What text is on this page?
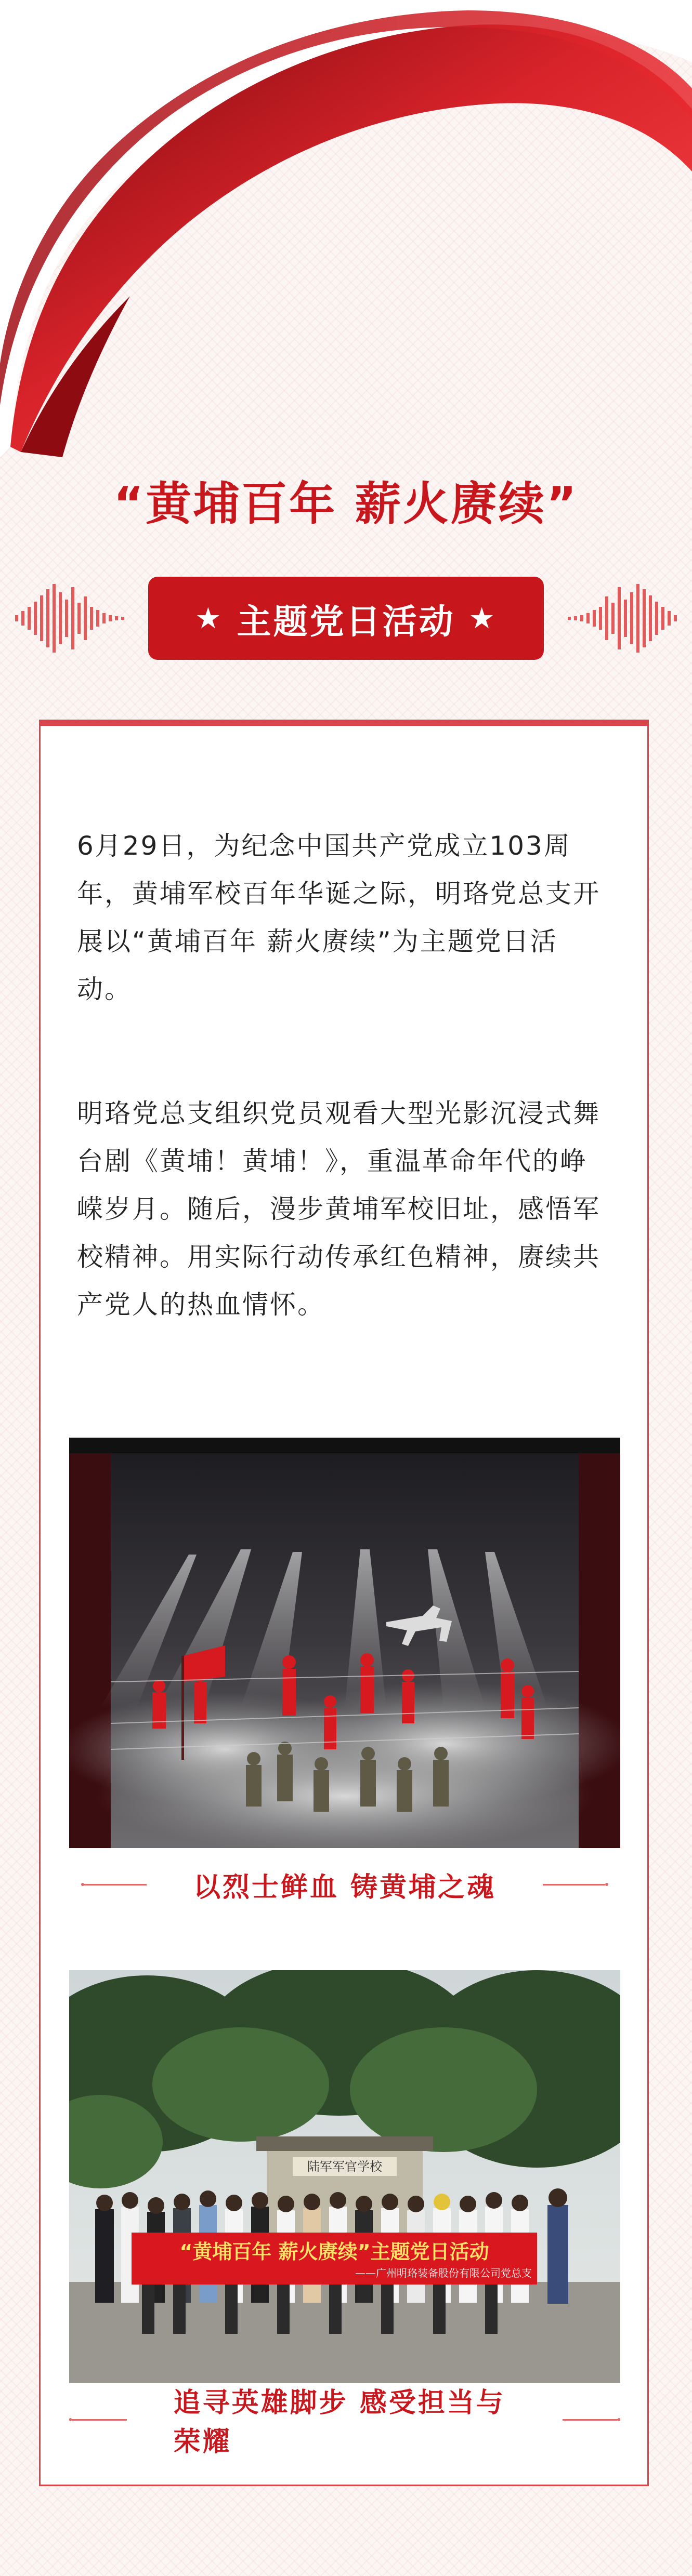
“黄埔百年 薪火赓续”
★ 主题党日活动 ★

6月29日，为纪念中国共产党成立103周年，黄埔军校百年华诞之际，明珞党总支开展以“黄埔百年 薪火赓续”为主题党日活动。

明珞党总支组织党员观看大型光影沉浸式舞台剧《黄埔！黄埔！》，重温革命年代的峥嵘岁月。随后，漫步黄埔军校旧址，感悟军校精神。用实际行动传承红色精神，赓续共产党人的热血情怀。

以烈士鲜血 铸黄埔之魂
陆军军官学校
“黄埔百年 薪火赓续”主题党日活动
——广州明珞装备股份有限公司党总支
追寻英雄脚步 感受担当与荣耀
